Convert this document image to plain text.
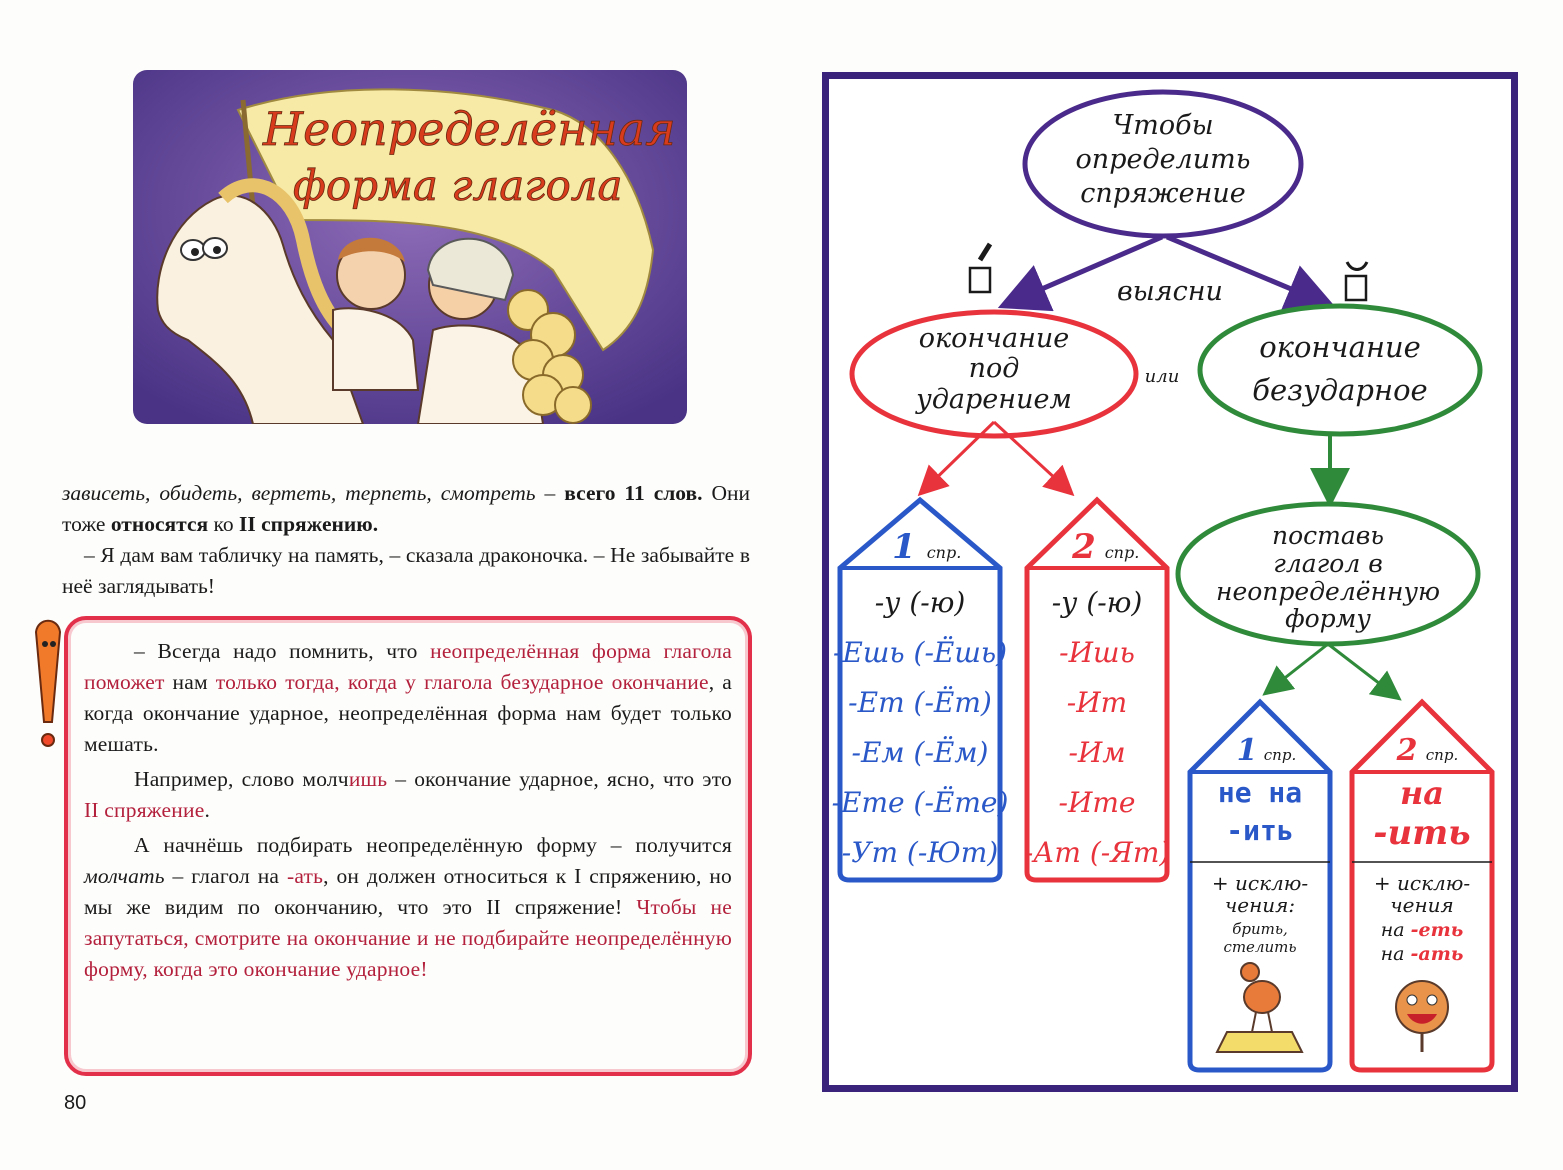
Неопределённая
форма глагола

зависеть, обидеть, вертеть, терпеть, смотреть – всего 11 слов. Они тоже относятся ко II спряжению.

– Я дам вам табличку на память, – сказала драконочка. – Не забывайте в неё заглядывать!

– Всегда надо помнить, что неопределённая форма глагола поможет нам только тогда, когда у глагола безударное окончание, а когда окончание ударное, неопределённая форма нам будет только мешать.

Например, слово молчишь – окончание ударное, ясно, что это II спряжение.

А начнёшь подбирать неопределённую форму – получится молчать – глагол на -ать, он должен относиться к I спряжению, но мы же видим по окончанию, что это II спряжение! Чтобы не запутаться, смотрите на окончание и не подбирайте неопределённую форму, когда это окончание ударное!

80
Чтобы
определить
спряжение
выясни
окончание
под
ударением
или
окончание
безударное
поставь
глагол в
неопределённую
форму
1 спр.
-у (-ю)
-Ешь (-Ёшь)
-Ет (-Ёт)
-Ем (-Ём)
-Ете (-Ёте)
-Ут (-Ют)
2 спр.
-у (-ю)
-Ишь
-Ит
-Им
-Ите
-Ат (-Ят)
1 спр.
не на
-ить
+ исклю-
чения:
брить,
стелить
2 спр.
на
-ить
+ исклю-
чения
на -еть
на -ать
